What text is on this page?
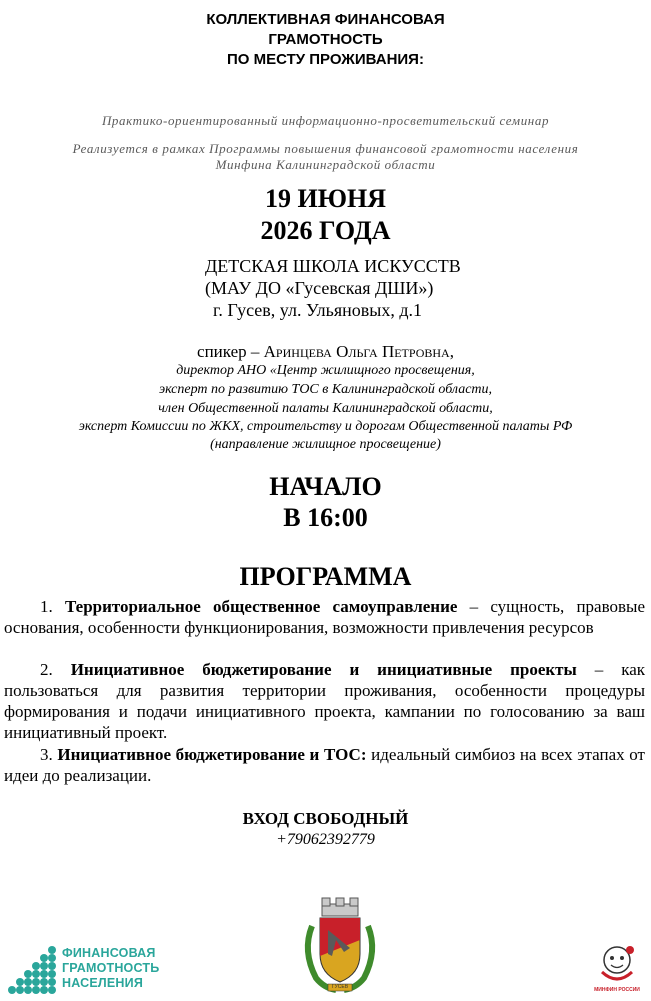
КОЛЛЕКТИВНАЯ ФИНАНСОВАЯ
ГРАМОТНОСТЬ
ПО МЕСТУ ПРОЖИВАНИЯ:
Практико-ориентированный информационно-просветительский семинар
Реализуется в рамках Программы повышения финансовой грамотности населения
Минфина Калининградской области
19 ИЮНЯ
2026 ГОДА
ДЕТСКАЯ ШКОЛА ИСКУССТВ
(МАУ ДО «Гусевская ДШИ»)
г. Гусев, ул. Ульяновых, д.1
спикер – Аринцева Ольга Петровна,
директор АНО «Центр жилищного просвещения,
эксперт по развитию ТОС в Калининградской области,
член Общественной палаты Калининградской области,
эксперт Комиссии по ЖКХ, строительству и дорогам Общественной палаты РФ
(направление жилищное просвещение)
НАЧАЛО
В 16:00
ПРОГРАММА
1. Территориальное общественное самоуправление – сущность, правовые основания, особенности функционирования, возможности привлечения ресурсов
2. Инициативное бюджетирование и инициативные проекты – как пользоваться для развития территории проживания, особенности процедуры формирования и подачи инициативного проекта, кампании по голосованию за ваш инициативный проект.
3. Инициативное бюджетирование и ТОС: идеальный симбиоз на всех этапах от идеи до реализации.
ВХОД СВОБОДНЫЙ
+79062392779
ФИНАНСОВАЯ
ГРАМОТНОСТЬ
НАСЕЛЕНИЯ	ГУСЕВ	МИНФИН РОССИИ
